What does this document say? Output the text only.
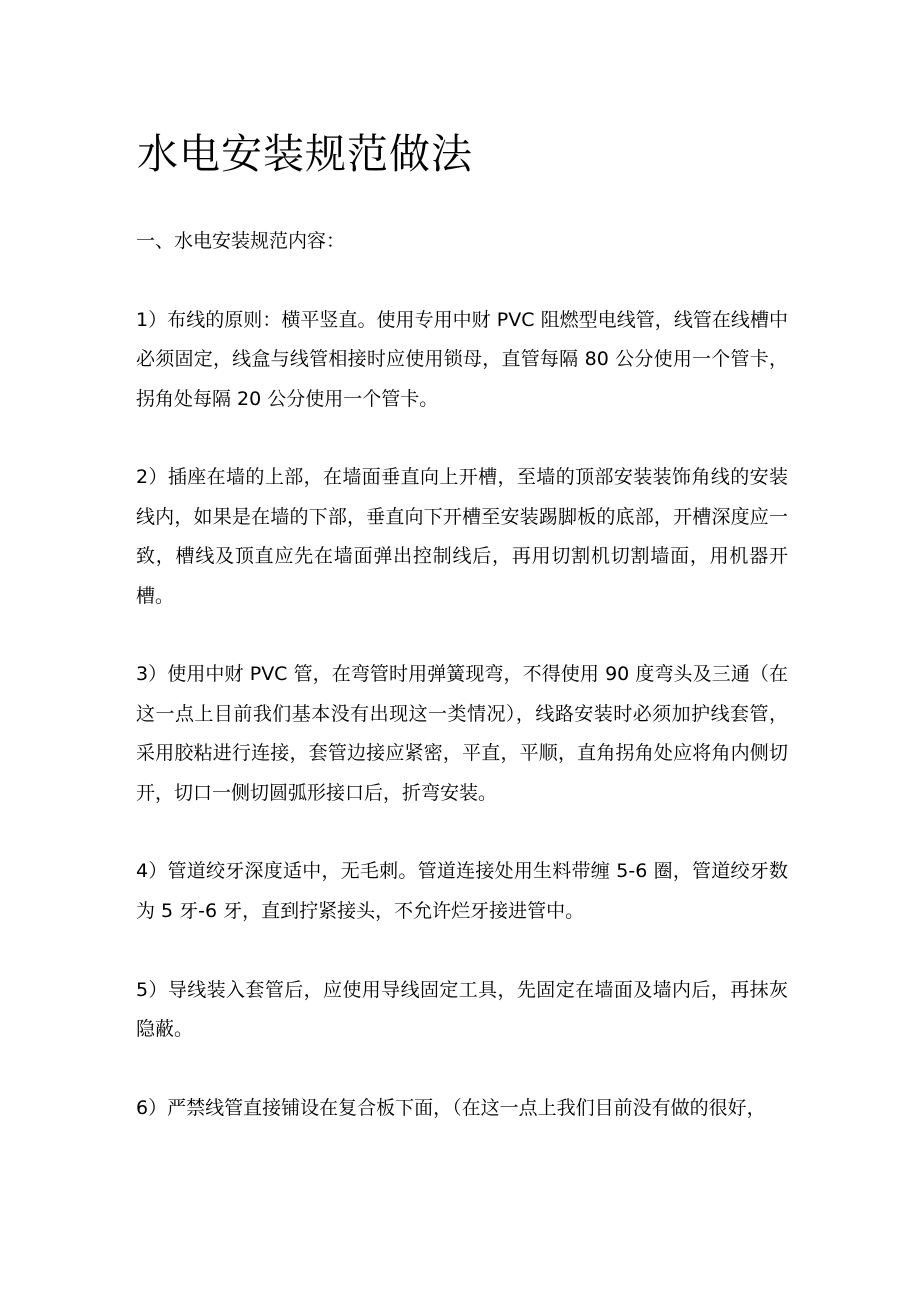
水电安装规范做法

一、水电安装规范内容：

1）布线的原则：横平竖直。使用专用中财 PVC 阻燃型电线管，线管在线槽中必须固定，线盒与线管相接时应使用锁母，直管每隔 80 公分使用一个管卡，拐角处每隔 20 公分使用一个管卡。

2）插座在墙的上部，在墙面垂直向上开槽，至墙的顶部安装装饰角线的安装线内，如果是在墙的下部，垂直向下开槽至安装踢脚板的底部，开槽深度应一致，槽线及顶直应先在墙面弹出控制线后，再用切割机切割墙面，用机器开槽。

3）使用中财 PVC 管，在弯管时用弹簧现弯，不得使用 90 度弯头及三通（在这一点上目前我们基本没有出现这一类情况），线路安装时必须加护线套管，采用胶粘进行连接，套管边接应紧密，平直，平顺，直角拐角处应将角内侧切开，切口一侧切圆弧形接口后，折弯安装。

4）管道绞牙深度适中，无毛刺。管道连接处用生料带缠 5-6 圈，管道绞牙数为 5 牙-6 牙，直到拧紧接头，不允许烂牙接进管中。

5）导线装入套管后，应使用导线固定工具，先固定在墙面及墙内后，再抹灰隐蔽。

6）严禁线管直接铺设在复合板下面，（在这一点上我们目前没有做的很好，
